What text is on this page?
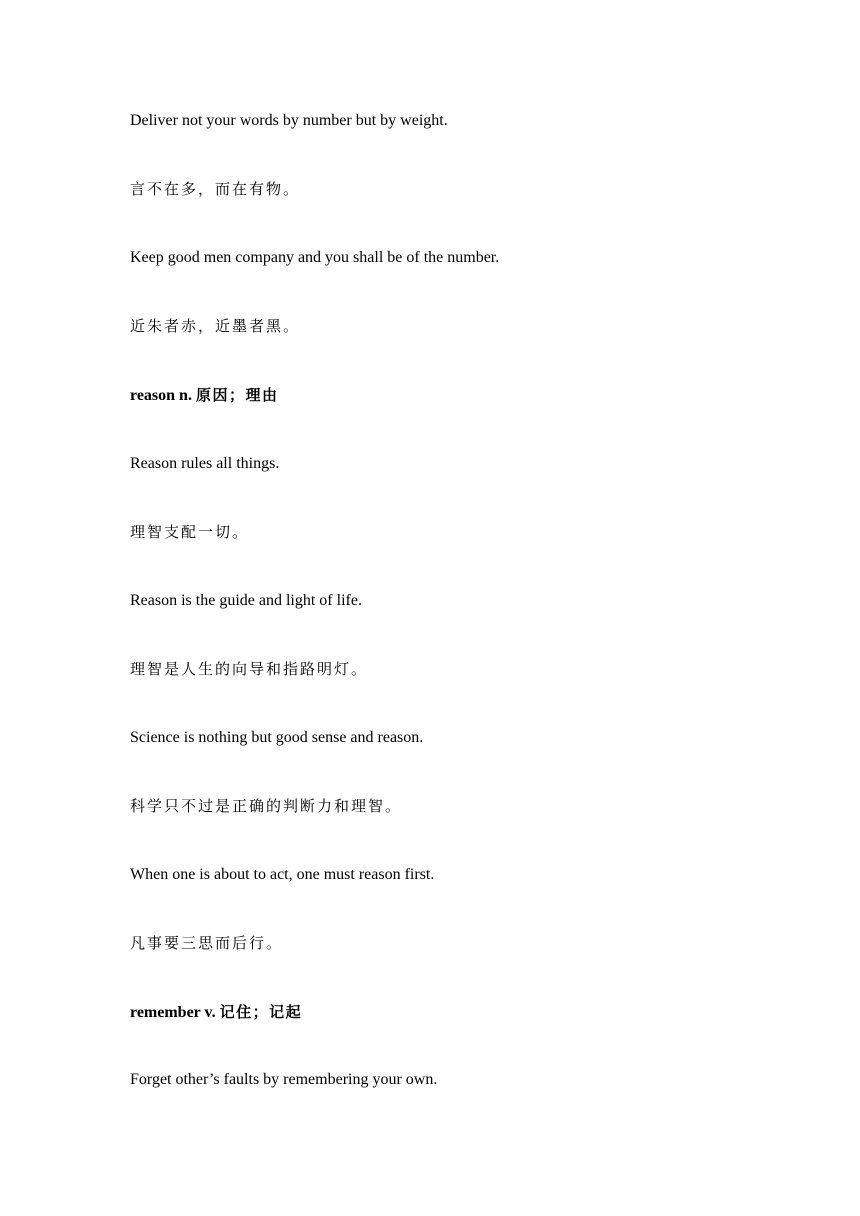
Deliver not your words by number but by weight.
言不在多，而在有物。
Keep good men company and you shall be of the number.
近朱者赤，近墨者黑。
reason n. 原因；理由
Reason rules all things.
理智支配一切。
Reason is the guide and light of life.
理智是人生的向导和指路明灯。
Science is nothing but good sense and reason.
科学只不过是正确的判断力和理智。
When one is about to act, one must reason first.
凡事要三思而后行。
remember v. 记住；记起
Forget other’s faults by remembering your own.
